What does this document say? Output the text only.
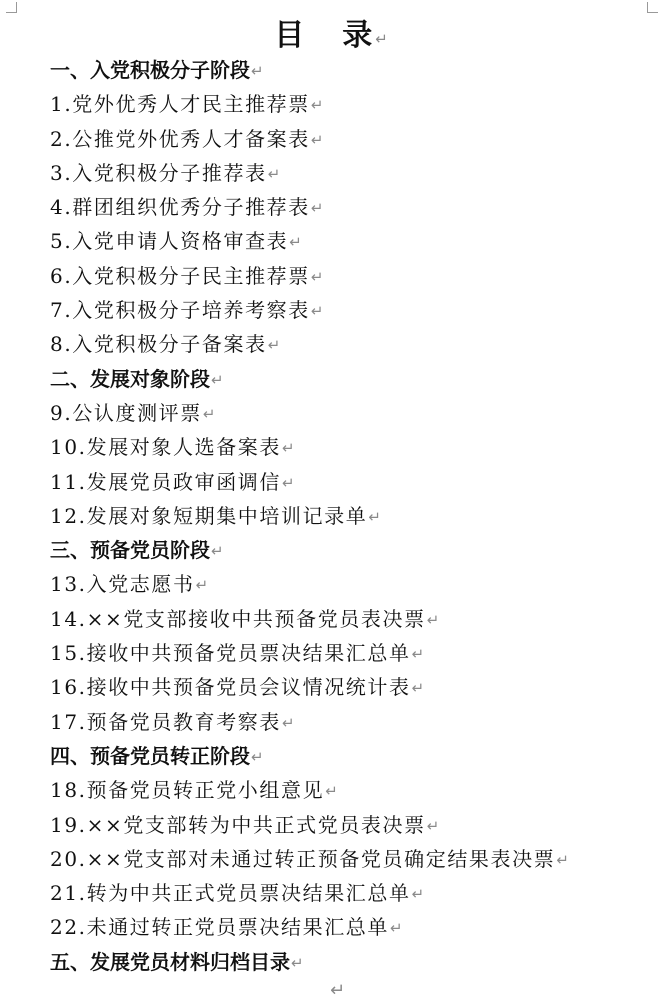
目 录↵
一、入党积极分子阶段↵
1.党外优秀人才民主推荐票↵
2.公推党外优秀人才备案表↵
3.入党积极分子推荐表↵
4.群团组织优秀分子推荐表↵
5.入党申请人资格审查表↵
6.入党积极分子民主推荐票↵
7.入党积极分子培养考察表↵
8.入党积极分子备案表↵
二、发展对象阶段↵
9.公认度测评票↵
10.发展对象人选备案表↵
11.发展党员政审函调信↵
12.发展对象短期集中培训记录单↵
三、预备党员阶段↵
13.入党志愿书↵
14.××党支部接收中共预备党员表决票↵
15.接收中共预备党员票决结果汇总单↵
16.接收中共预备党员会议情况统计表↵
17.预备党员教育考察表↵
四、预备党员转正阶段↵
18.预备党员转正党小组意见↵
19.××党支部转为中共正式党员表决票↵
20.××党支部对未通过转正预备党员确定结果表决票↵
21.转为中共正式党员票决结果汇总单↵
22.未通过转正党员票决结果汇总单↵
五、发展党员材料归档目录↵
↵
